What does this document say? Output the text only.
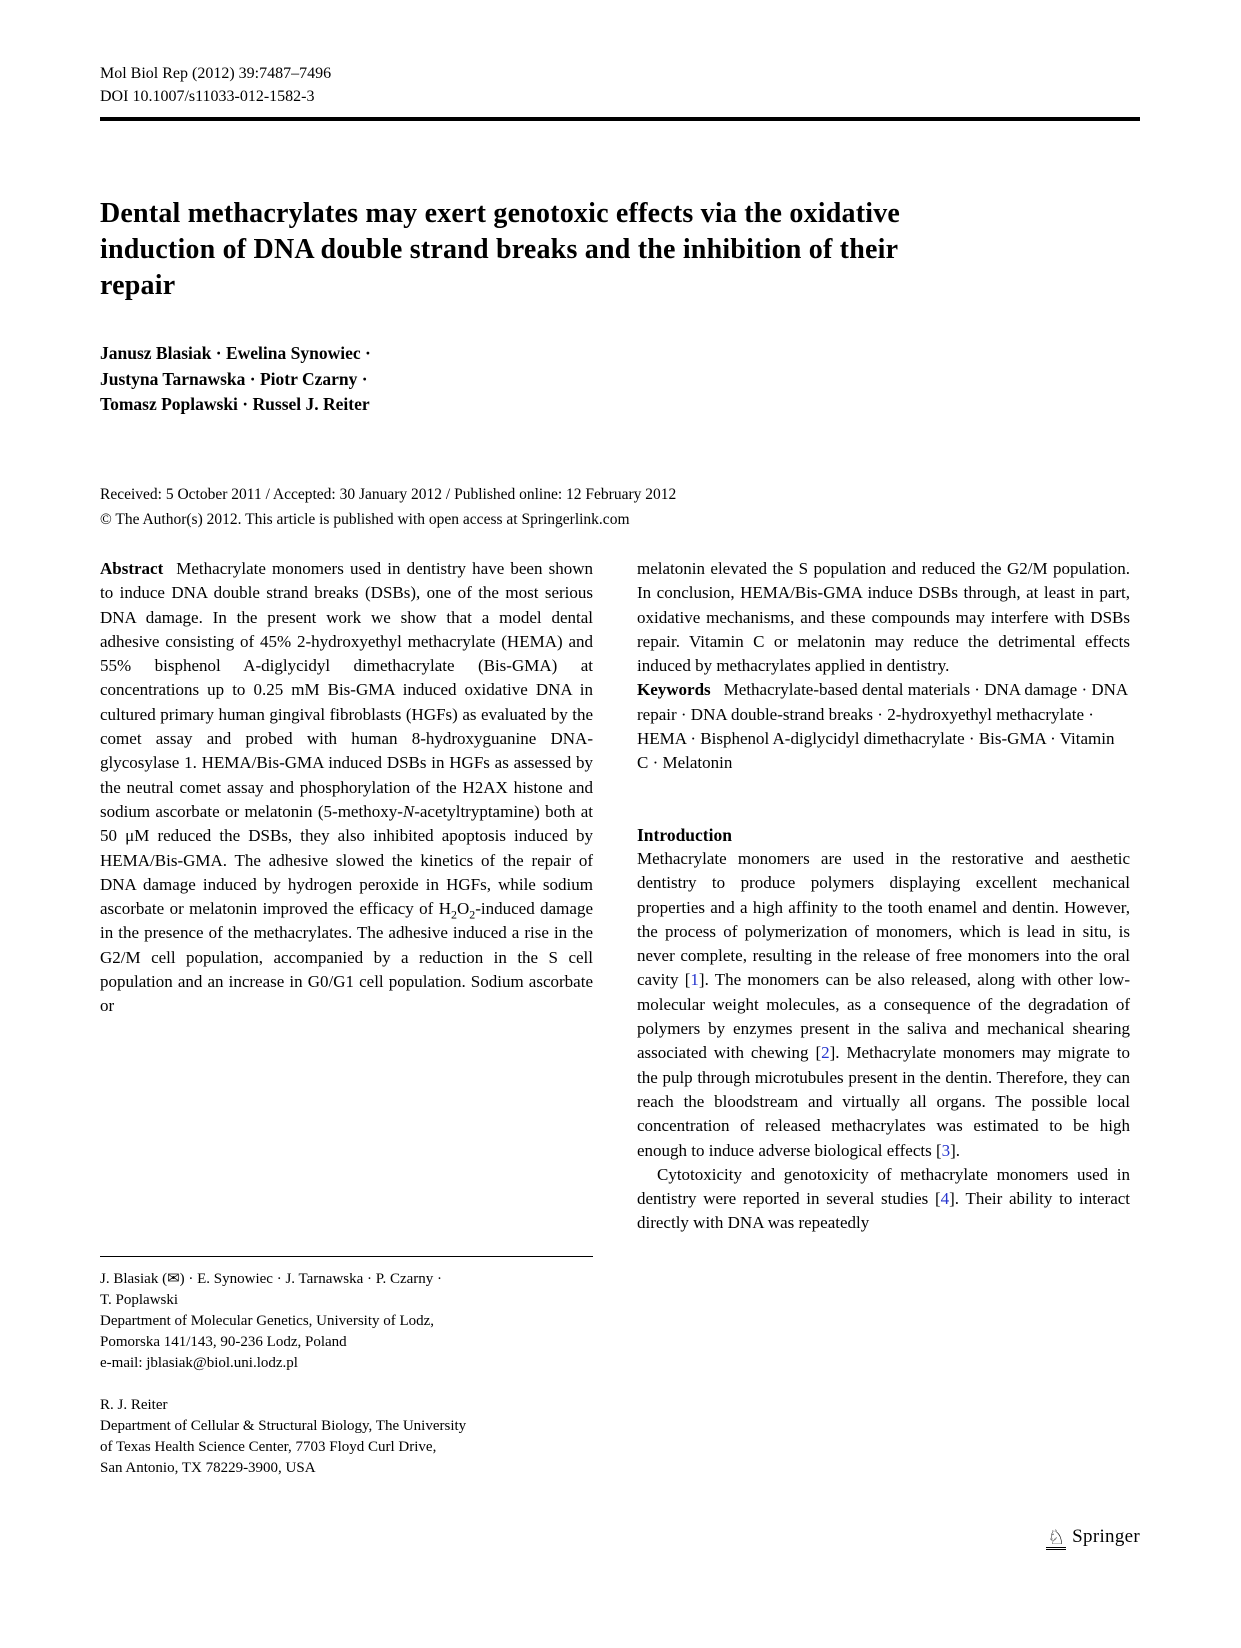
Mol Biol Rep (2012) 39:7487–7496
DOI 10.1007/s11033-012-1582-3
Dental methacrylates may exert genotoxic effects via the oxidative
induction of DNA double strand breaks and the inhibition of their
repair
Janusz Blasiak · Ewelina Synowiec ·
Justyna Tarnawska · Piotr Czarny ·
Tomasz Poplawski · Russel J. Reiter
Received: 5 October 2011 / Accepted: 30 January 2012 / Published online: 12 February 2012
© The Author(s) 2012. This article is published with open access at Springerlink.com

Abstract Methacrylate monomers used in dentistry have been shown to induce DNA double strand breaks (DSBs), one of the most serious DNA damage. In the present work we show that a model dental adhesive consisting of 45% 2-hydroxyethyl methacrylate (HEMA) and 55% bisphenol A-diglycidyl dimethacrylate (Bis-GMA) at concentrations up to 0.25 mM Bis-GMA induced oxidative DNA in cultured primary human gingival fibroblasts (HGFs) as evaluated by the comet assay and probed with human 8-hydroxyguanine DNA-glycosylase 1. HEMA/Bis-GMA induced DSBs in HGFs as assessed by the neutral comet assay and phosphorylation of the H2AX histone and sodium ascorbate or melatonin (5-methoxy-N-acetyltryptamine) both at 50 μM reduced the DSBs, they also inhibited apoptosis induced by HEMA/Bis-GMA. The adhesive slowed the kinetics of the repair of DNA damage induced by hydrogen peroxide in HGFs, while sodium ascorbate or melatonin improved the efficacy of $H_2O_2$-induced damage in the presence of the methacrylates. The adhesive induced a rise in the G2/M cell population, accompanied by a reduction in the S cell population and an increase in G0/G1 cell population. Sodium ascorbate or

melatonin elevated the S population and reduced the G2/M population. In conclusion, HEMA/Bis-GMA induce DSBs through, at least in part, oxidative mechanisms, and these compounds may interfere with DSBs repair. Vitamin C or melatonin may reduce the detrimental effects induced by methacrylates applied in dentistry.

Keywords Methacrylate-based dental materials · DNA damage · DNA repair · DNA double-strand breaks · 2-hydroxyethyl methacrylate · HEMA · Bisphenol A-diglycidyl dimethacrylate · Bis-GMA · Vitamin C · Melatonin

Introduction

Methacrylate monomers are used in the restorative and aesthetic dentistry to produce polymers displaying excellent mechanical properties and a high affinity to the tooth enamel and dentin. However, the process of polymerization of monomers, which is lead in situ, is never complete, resulting in the release of free monomers into the oral cavity [1]. The monomers can be also released, along with other low-molecular weight molecules, as a consequence of the degradation of polymers by enzymes present in the saliva and mechanical shearing associated with chewing [2]. Methacrylate monomers may migrate to the pulp through microtubules present in the dentin. Therefore, they can reach the bloodstream and virtually all organs. The possible local concentration of released methacrylates was estimated to be high enough to induce adverse biological effects [3].

Cytotoxicity and genotoxicity of methacrylate monomers used in dentistry were reported in several studies [4]. Their ability to interact directly with DNA was repeatedly

J. Blasiak (✉) · E. Synowiec · J. Tarnawska · P. Czarny ·
T. Poplawski
Department of Molecular Genetics, University of Lodz,
Pomorska 141/143, 90-236 Lodz, Poland
e-mail: jblasiak@biol.uni.lodz.pl
R. J. Reiter
Department of Cellular & Structural Biology, The University
of Texas Health Science Center, 7703 Floyd Curl Drive,
San Antonio, TX 78229-3900, USA
♘ Springer
